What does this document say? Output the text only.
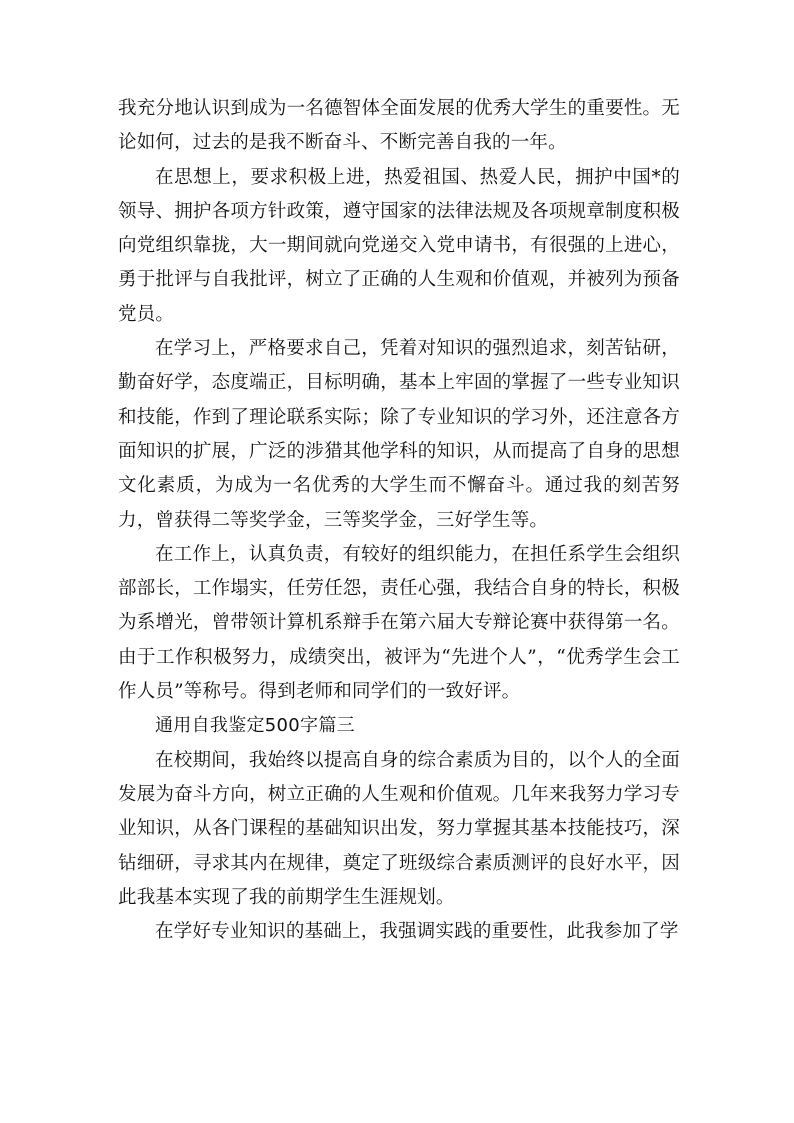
我充分地认识到成为一名德智体全面发展的优秀大学生的重要性。无论如何，过去的是我不断奋斗、不断完善自我的一年。

在思想上，要求积极上进，热爱祖国、热爱人民，拥护中国*的领导、拥护各项方针政策，遵守国家的法律法规及各项规章制度积极向党组织靠拢，大一期间就向党递交入党申请书，有很强的上进心，勇于批评与自我批评，树立了正确的人生观和价值观，并被列为预备党员。

在学习上，严格要求自己，凭着对知识的强烈追求，刻苦钻研，勤奋好学，态度端正，目标明确，基本上牢固的掌握了一些专业知识和技能，作到了理论联系实际；除了专业知识的学习外，还注意各方面知识的扩展，广泛的涉猎其他学科的知识，从而提高了自身的思想文化素质，为成为一名优秀的大学生而不懈奋斗。通过我的刻苦努力，曾获得二等奖学金，三等奖学金，三好学生等。

在工作上，认真负责，有较好的组织能力，在担任系学生会组织部部长，工作塌实，任劳任怨，责任心强，我结合自身的特长，积极为系增光，曾带领计算机系辩手在第六届大专辩论赛中获得第一名。由于工作积极努力，成绩突出，被评为“先进个人”，“优秀学生会工作人员”等称号。得到老师和同学们的一致好评。

通用自我鉴定500字篇三

在校期间，我始终以提高自身的综合素质为目的，以个人的全面发展为奋斗方向，树立正确的人生观和价值观。几年来我努力学习专业知识，从各门课程的基础知识出发，努力掌握其基本技能技巧，深钻细研，寻求其内在规律，奠定了班级综合素质测评的良好水平，因此我基本实现了我的前期学生生涯规划。

在学好专业知识的基础上，我强调实践的重要性，此我参加了学
